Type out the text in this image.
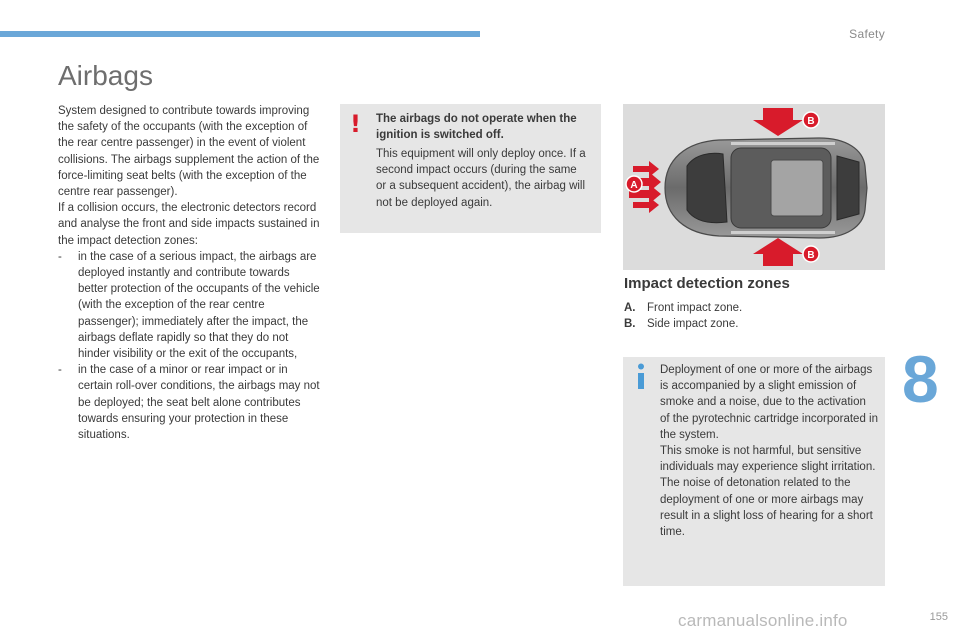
Safety
Airbags

System designed to contribute towards improving the safety of the occupants (with the exception of the rear centre passenger) in the event of violent collisions. The airbags supplement the action of the force-limiting seat belts (with the exception of the centre rear passenger).

If a collision occurs, the electronic detectors record and analyse the front and side impacts sustained in the impact detection zones:

-	in the case of a serious impact, the airbags are deployed instantly and contribute towards better protection of the occupants of the vehicle (with the exception of the rear centre passenger); immediately after the impact, the airbags deflate rapidly so that they do not hinder visibility or the exit of the occupants,
-	in the case of a minor or rear impact or in certain roll-over conditions, the airbags may not be deployed; the seat belt alone contributes towards ensuring your protection in these situations.
! The airbags do not operate when the ignition is switched off.
This equipment will only deploy once. If a second impact occurs (during the same or a subsequent accident), the airbag will not be deployed again.
A
B
B
Impact detection zones
A.	Front impact zone.
B.	Side impact zone.

Deployment of one or more of the airbags is accompanied by a slight emission of smoke and a noise, due to the activation of the pyrotechnic cartridge incorporated in the system.

This smoke is not harmful, but sensitive individuals may experience slight irritation.

The noise of detonation related to the deployment of one or more airbags may result in a slight loss of hearing for a short time.

8
carmanualsonline.info	155
